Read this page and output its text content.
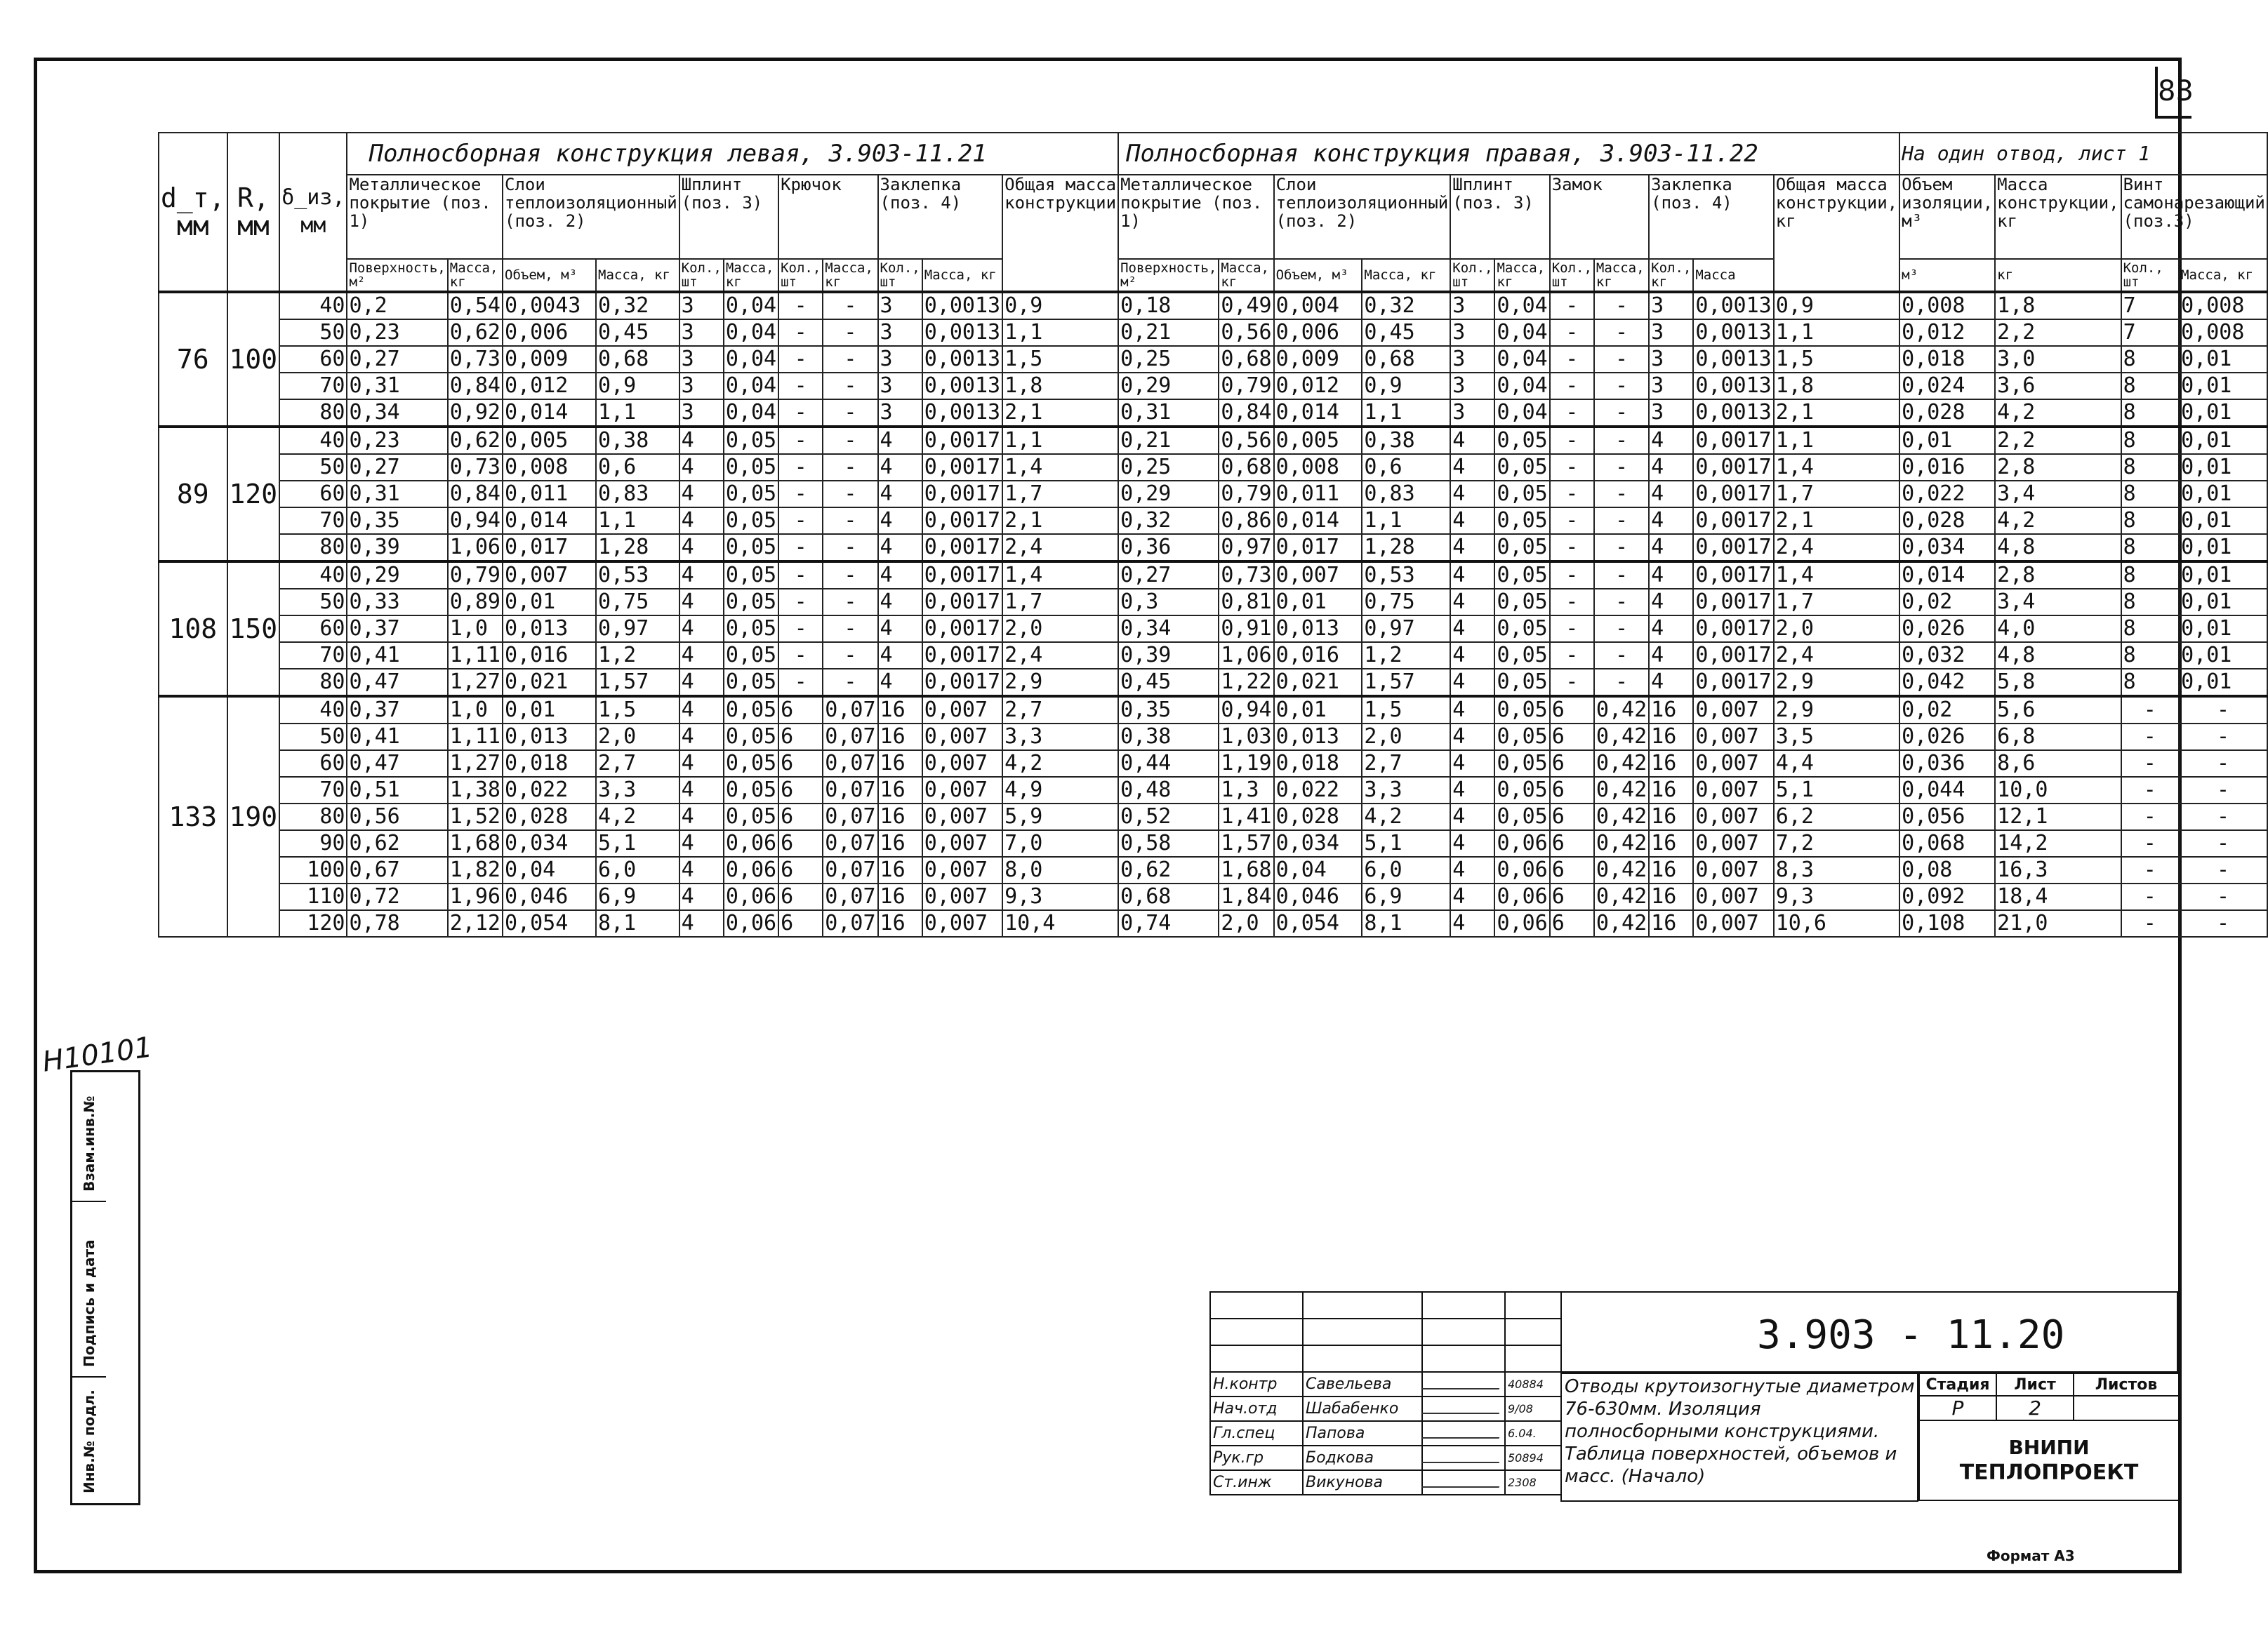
83
H10101
Взам.инв.№
Подпись и дата
Инв.№ подл.
d_т,
мм	R,
мм	δ_из,
мм	Полносборная конструкция левая, 3.903-11.21											Полносборная конструкция правая, 3.903-11.22											На один отвод, лист 1			
			Металлическое покрытие (поз. 1)		Слои теплоизоляционный (поз. 2)		Шплинт (поз. 3)		Крючок		Заклепка (поз. 4)		Общая масса конструкции	Металлическое покрытие (поз. 1)		Слои теплоизоляционный (поз. 2)		Шплинт (поз. 3)		Замок		Заклепка (поз. 4)		Общая масса конструкции, кг	Объем изоляции, м³	Масса конструкции, кг	Винт самонарезающий (поз.3)	
			Поверхность, м²	Масса, кг	Объем, м³	Масса, кг	Кол., шт	Масса, кг	Кол., шт	Масса, кг	Кол., шт	Масса, кг		Поверхность, м²	Масса, кг	Объем, м³	Масса, кг	Кол., шт	Масса, кг	Кол., шт	Масса, кг	Кол., кг	Масса		м³	кг	Кол., шт	Масса, кг
76	100	40	0,2	0,54	0,0043	0,32	3	0,04	-	-	3	0,0013	0,9	0,18	0,49	0,004	0,32	3	0,04	-	-	3	0,0013	0,9	0,008	1,8	7	0,008
		50	0,23	0,62	0,006	0,45	3	0,04	-	-	3	0,0013	1,1	0,21	0,56	0,006	0,45	3	0,04	-	-	3	0,0013	1,1	0,012	2,2	7	0,008
		60	0,27	0,73	0,009	0,68	3	0,04	-	-	3	0,0013	1,5	0,25	0,68	0,009	0,68	3	0,04	-	-	3	0,0013	1,5	0,018	3,0	8	0,01
		70	0,31	0,84	0,012	0,9	3	0,04	-	-	3	0,0013	1,8	0,29	0,79	0,012	0,9	3	0,04	-	-	3	0,0013	1,8	0,024	3,6	8	0,01
		80	0,34	0,92	0,014	1,1	3	0,04	-	-	3	0,0013	2,1	0,31	0,84	0,014	1,1	3	0,04	-	-	3	0,0013	2,1	0,028	4,2	8	0,01
89	120	40	0,23	0,62	0,005	0,38	4	0,05	-	-	4	0,0017	1,1	0,21	0,56	0,005	0,38	4	0,05	-	-	4	0,0017	1,1	0,01	2,2	8	0,01
		50	0,27	0,73	0,008	0,6	4	0,05	-	-	4	0,0017	1,4	0,25	0,68	0,008	0,6	4	0,05	-	-	4	0,0017	1,4	0,016	2,8	8	0,01
		60	0,31	0,84	0,011	0,83	4	0,05	-	-	4	0,0017	1,7	0,29	0,79	0,011	0,83	4	0,05	-	-	4	0,0017	1,7	0,022	3,4	8	0,01
		70	0,35	0,94	0,014	1,1	4	0,05	-	-	4	0,0017	2,1	0,32	0,86	0,014	1,1	4	0,05	-	-	4	0,0017	2,1	0,028	4,2	8	0,01
		80	0,39	1,06	0,017	1,28	4	0,05	-	-	4	0,0017	2,4	0,36	0,97	0,017	1,28	4	0,05	-	-	4	0,0017	2,4	0,034	4,8	8	0,01
108	150	40	0,29	0,79	0,007	0,53	4	0,05	-	-	4	0,0017	1,4	0,27	0,73	0,007	0,53	4	0,05	-	-	4	0,0017	1,4	0,014	2,8	8	0,01
		50	0,33	0,89	0,01	0,75	4	0,05	-	-	4	0,0017	1,7	0,3	0,81	0,01	0,75	4	0,05	-	-	4	0,0017	1,7	0,02	3,4	8	0,01
		60	0,37	1,0	0,013	0,97	4	0,05	-	-	4	0,0017	2,0	0,34	0,91	0,013	0,97	4	0,05	-	-	4	0,0017	2,0	0,026	4,0	8	0,01
		70	0,41	1,11	0,016	1,2	4	0,05	-	-	4	0,0017	2,4	0,39	1,06	0,016	1,2	4	0,05	-	-	4	0,0017	2,4	0,032	4,8	8	0,01
		80	0,47	1,27	0,021	1,57	4	0,05	-	-	4	0,0017	2,9	0,45	1,22	0,021	1,57	4	0,05	-	-	4	0,0017	2,9	0,042	5,8	8	0,01
133	190	40	0,37	1,0	0,01	1,5	4	0,05	6	0,07	16	0,007	2,7	0,35	0,94	0,01	1,5	4	0,05	6	0,42	16	0,007	2,9	0,02	5,6	-	-
		50	0,41	1,11	0,013	2,0	4	0,05	6	0,07	16	0,007	3,3	0,38	1,03	0,013	2,0	4	0,05	6	0,42	16	0,007	3,5	0,026	6,8	-	-
		60	0,47	1,27	0,018	2,7	4	0,05	6	0,07	16	0,007	4,2	0,44	1,19	0,018	2,7	4	0,05	6	0,42	16	0,007	4,4	0,036	8,6	-	-
		70	0,51	1,38	0,022	3,3	4	0,05	6	0,07	16	0,007	4,9	0,48	1,3	0,022	3,3	4	0,05	6	0,42	16	0,007	5,1	0,044	10,0	-	-
		80	0,56	1,52	0,028	4,2	4	0,05	6	0,07	16	0,007	5,9	0,52	1,41	0,028	4,2	4	0,05	6	0,42	16	0,007	6,2	0,056	12,1	-	-
		90	0,62	1,68	0,034	5,1	4	0,06	6	0,07	16	0,007	7,0	0,58	1,57	0,034	5,1	4	0,06	6	0,42	16	0,007	7,2	0,068	14,2	-	-
		100	0,67	1,82	0,04	6,0	4	0,06	6	0,07	16	0,007	8,0	0,62	1,68	0,04	6,0	4	0,06	6	0,42	16	0,007	8,3	0,08	16,3	-	-
		110	0,72	1,96	0,046	6,9	4	0,06	6	0,07	16	0,007	9,3	0,68	1,84	0,046	6,9	4	0,06	6	0,42	16	0,007	9,3	0,092	18,4	-	-
		120	0,78	2,12	0,054	8,1	4	0,06	6	0,07	16	0,007	10,4	0,74	2,0	0,054	8,1	4	0,06	6	0,42	16	0,007	10,6	0,108	21,0	-	-

Н.контр	Савельева		40884
Нач.отд	Шабабенко		9/08
Гл.спец	Папова		6.04.
Рук.гр	Бодкова		50894
Ст.инж	Викунова		2308
3.903 - 11.20
Отводы крутоизогнутые диаметром 76-630мм. Изоляция полносборными конструкциями. Таблица поверхностей, объемов и масс. (Начало)
Стадия	Лист	Листов
Р	2	

ВНИПИ
ТЕПЛОПРОЕКТ		
Формат А3
